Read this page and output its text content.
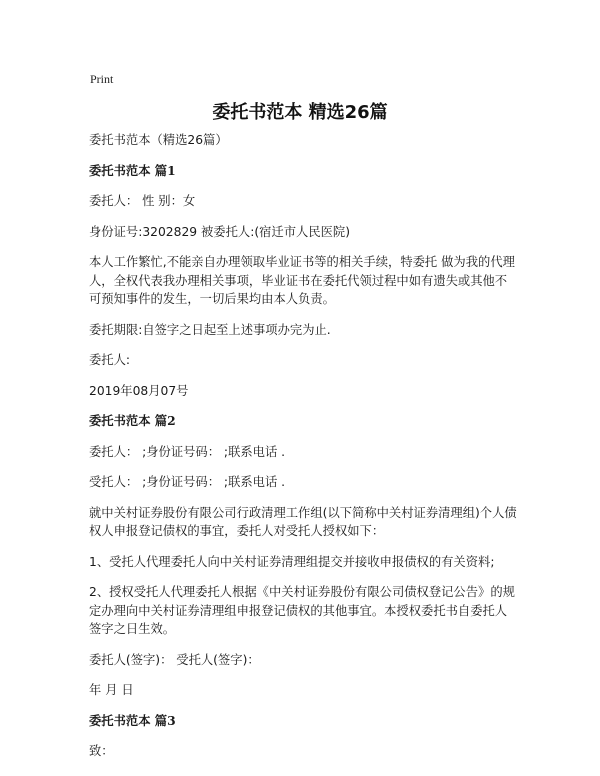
Print
委托书范本 精选26篇

委托书范本（精选26篇）

委托书范本 篇1

委托人： 性 别：女

身份证号:3202829 被委托人:(宿迁市人民医院)

本人工作繁忙,不能亲自办理领取毕业证书等的相关手续，特委托 做为我的代理人，全权代表我办理相关事项，毕业证书在委托代领过程中如有遗失或其他不可预知事件的发生，一切后果均由本人负责。

委托期限:自签字之日起至上述事项办完为止.

委托人:

2019年08月07号

委托书范本 篇2

委托人： ;身份证号码： ;联系电话 .

受托人： ;身份证号码： ;联系电话 .

就中关村证券股份有限公司行政清理工作组(以下简称中关村证券清理组)个人债权人申报登记债权的事宜，委托人对受托人授权如下：

1、受托人代理委托人向中关村证券清理组提交并接收申报债权的有关资料;

2、授权受托人代理委托人根据《中关村证券股份有限公司债权登记公告》的规定办理向中关村证券清理组申报登记债权的其他事宜。本授权委托书自委托人签字之日生效。

委托人(签字)： 受托人(签字)：

年 月 日

委托书范本 篇3

致：
